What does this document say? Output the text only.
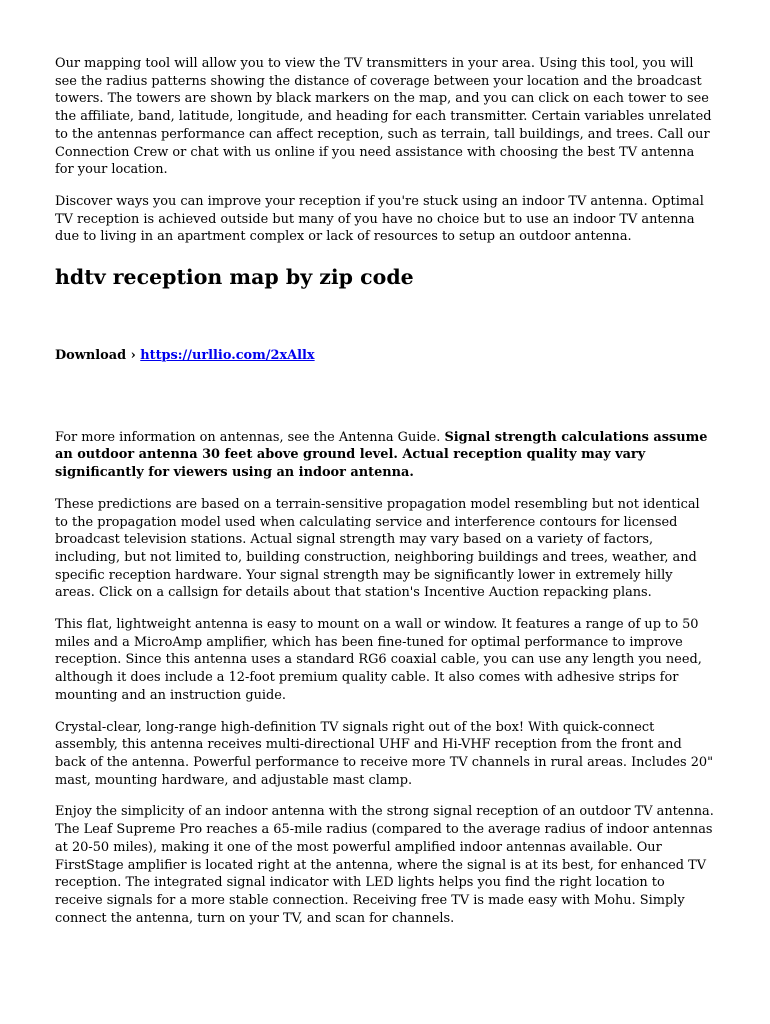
Our mapping tool will allow you to view the TV transmitters in your area. Using this tool, you will see the radius patterns showing the distance of coverage between your location and the broadcast towers. The towers are shown by black markers on the map, and you can click on each tower to see the affiliate, band, latitude, longitude, and heading for each transmitter. Certain variables unrelated to the antennas performance can affect reception, such as terrain, tall buildings, and trees. Call our Connection Crew or chat with us online if you need assistance with choosing the best TV antenna for your location.

Discover ways you can improve your reception if you're stuck using an indoor TV antenna. Optimal TV reception is achieved outside but many of you have no choice but to use an indoor TV antenna due to living in an apartment complex or lack of resources to setup an outdoor antenna.

hdtv reception map by zip code
Download › https://urllio.com/2xAllx

For more information on antennas, see the Antenna Guide. Signal strength calculations assume an outdoor antenna 30 feet above ground level. Actual reception quality may vary significantly for viewers using an indoor antenna.

These predictions are based on a terrain-sensitive propagation model resembling but not identical to the propagation model used when calculating service and interference contours for licensed broadcast television stations. Actual signal strength may vary based on a variety of factors, including, but not limited to, building construction, neighboring buildings and trees, weather, and specific reception hardware. Your signal strength may be significantly lower in extremely hilly areas. Click on a callsign for details about that station's Incentive Auction repacking plans.

This flat, lightweight antenna is easy to mount on a wall or window. It features a range of up to 50 miles and a MicroAmp amplifier, which has been fine-tuned for optimal performance to improve reception. Since this antenna uses a standard RG6 coaxial cable, you can use any length you need, although it does include a 12-foot premium quality cable. It also comes with adhesive strips for mounting and an instruction guide.

Crystal-clear, long-range high-definition TV signals right out of the box! With quick-connect assembly, this antenna receives multi-directional UHF and Hi-VHF reception from the front and back of the antenna. Powerful performance to receive more TV channels in rural areas. Includes 20" mast, mounting hardware, and adjustable mast clamp.

Enjoy the simplicity of an indoor antenna with the strong signal reception of an outdoor TV antenna. The Leaf Supreme Pro reaches a 65-mile radius (compared to the average radius of indoor antennas at 20-50 miles), making it one of the most powerful amplified indoor antennas available. Our FirstStage amplifier is located right at the antenna, where the signal is at its best, for enhanced TV reception. The integrated signal indicator with LED lights helps you find the right location to receive signals for a more stable connection. Receiving free TV is made easy with Mohu. Simply connect the antenna, turn on your TV, and scan for channels.
